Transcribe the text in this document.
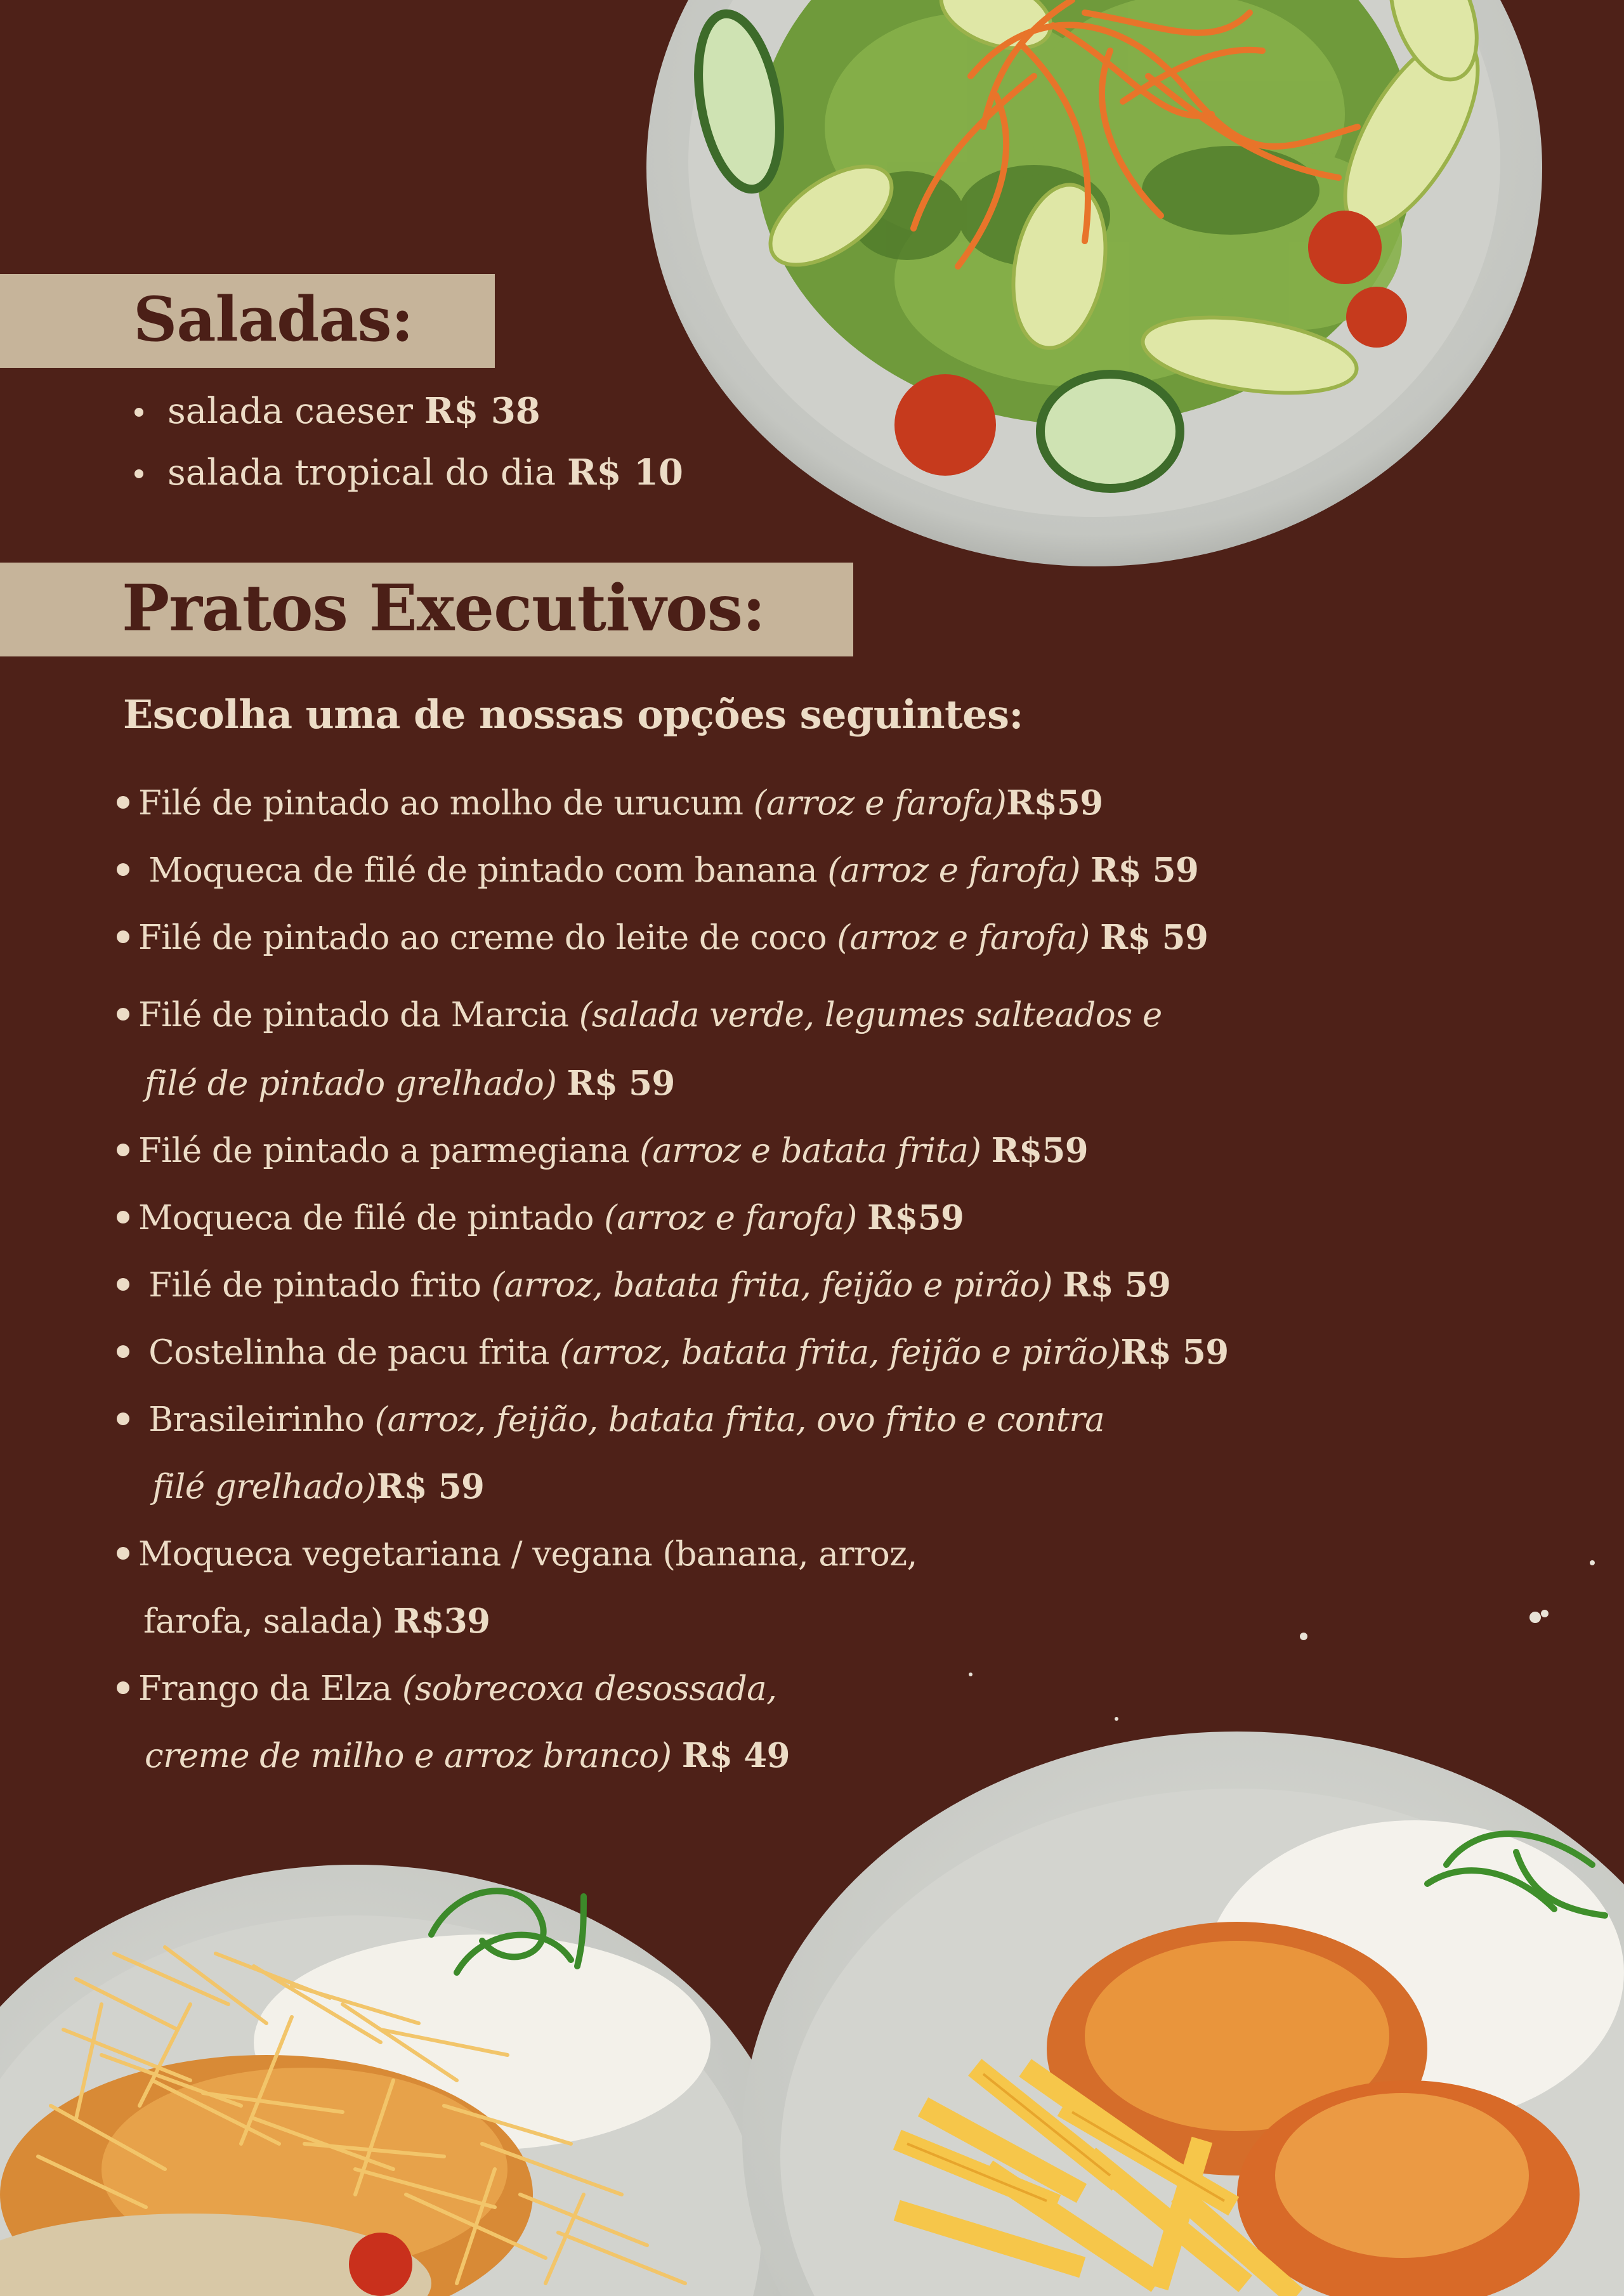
Saladas:
salada caeser R$ 38
salada tropical do dia R$ 10
Pratos Executivos:
Escolha uma de nossas opções seguintes:
Filé de pintado ao molho de urucum (arroz e farofa)R$59
Moqueca de filé de pintado com banana (arroz e farofa) R$ 59
Filé de pintado ao creme do leite de coco (arroz e farofa) R$ 59
Filé de pintado da Marcia (salada verde, legumes salteados e
filé de pintado grelhado) R$ 59
Filé de pintado a parmegiana (arroz e batata frita) R$59
Moqueca de filé de pintado (arroz e farofa) R$59
Filé de pintado frito (arroz, batata frita, feijão e pirão) R$ 59
Costelinha de pacu frita (arroz, batata frita, feijão e pirão)R$ 59
Brasileirinho (arroz, feijão, batata frita, ovo frito e contra
filé grelhado)R$ 59
Moqueca vegetariana / vegana (banana, arroz,
farofa, salada) R$39
Frango da Elza (sobrecoxa desossada,
creme de milho e arroz branco) R$ 49
